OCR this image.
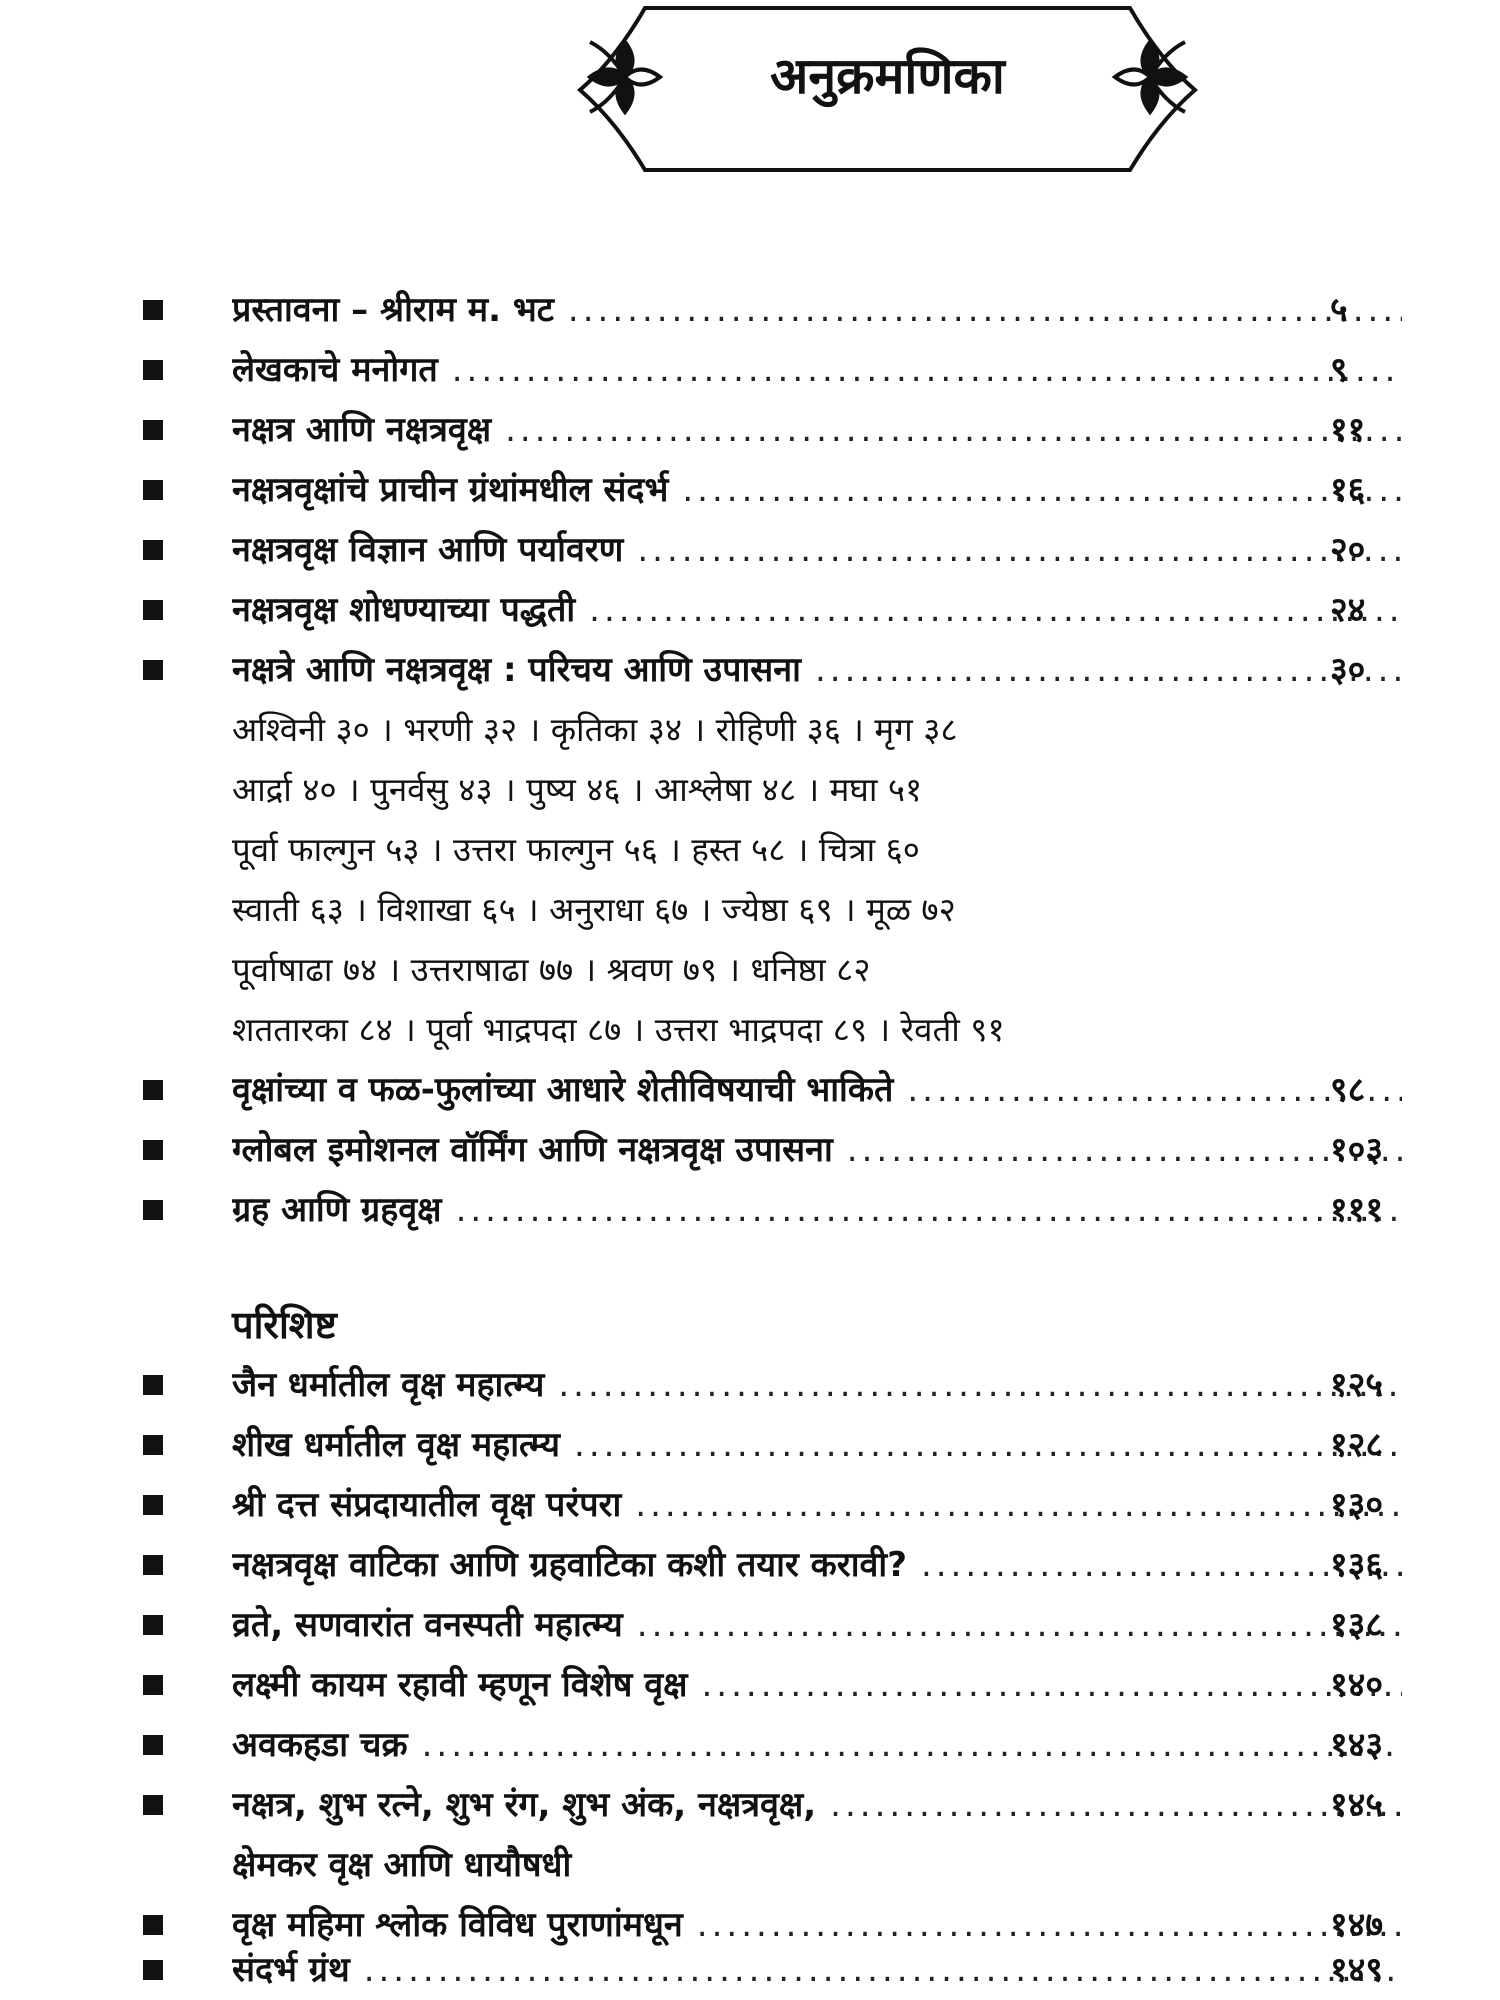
अनुक्रमणिका
प्रस्तावना – श्रीराम म. भट .....	५
लेखकाचे मनोगत .....	९
नक्षत्र आणि नक्षत्रवृक्ष .....	११
नक्षत्रवृक्षांचे प्राचीन ग्रंथांमधील संदर्भ .....	१६
नक्षत्रवृक्ष विज्ञान आणि पर्यावरण .....	२०
नक्षत्रवृक्ष शोधण्याच्या पद्धती .....	२४
नक्षत्रे आणि नक्षत्रवृक्ष : परिचय आणि उपासना .....	३०
अश्विनी ३० । भरणी ३२ । कृतिका ३४ । रोहिणी ३६ । मृग ३८
आर्द्रा ४० । पुनर्वसु ४३ । पुष्य ४६ । आश्लेषा ४८ । मघा ५१
पूर्वा फाल्गुन ५३ । उत्तरा फाल्गुन ५६ । हस्त ५८ । चित्रा ६०
स्वाती ६३ । विशाखा ६५ । अनुराधा ६७ । ज्येष्ठा ६९ । मूळ ७२
पूर्वाषाढा ७४ । उत्तराषाढा ७७ । श्रवण ७९ । धनिष्ठा ८२
शततारका ८४ । पूर्वा भाद्रपदा ८७ । उत्तरा भाद्रपदा ८९ । रेवती ९१
वृक्षांच्या व फळ-फुलांच्या आधारे शेतीविषयाची भाकिते .....	९८
ग्लोबल इमोशनल वॉर्मिंग आणि नक्षत्रवृक्ष उपासना .....	१०३
ग्रह आणि ग्रहवृक्ष .....	१११
परिशिष्ट
जैन धर्मातील वृक्ष महात्म्य .....	१२५
शीख धर्मातील वृक्ष महात्म्य .....	१२८
श्री दत्त संप्रदायातील वृक्ष परंपरा .....	१३०
नक्षत्रवृक्ष वाटिका आणि ग्रहवाटिका कशी तयार करावी? .....	१३६
व्रते, सणवारांत वनस्पती महात्म्य .....	१३८
लक्ष्मी कायम रहावी म्हणून विशेष वृक्ष .....	१४०
अवकहडा चक्र .....	१४३
नक्षत्र, शुभ रत्ने, शुभ रंग, शुभ अंक, नक्षत्रवृक्ष, .....	१४५
क्षेमकर वृक्ष आणि धायौषधी
वृक्ष महिमा श्लोक विविध पुराणांमधून .....	१४७
संदर्भ ग्रंथ .....	१४९
